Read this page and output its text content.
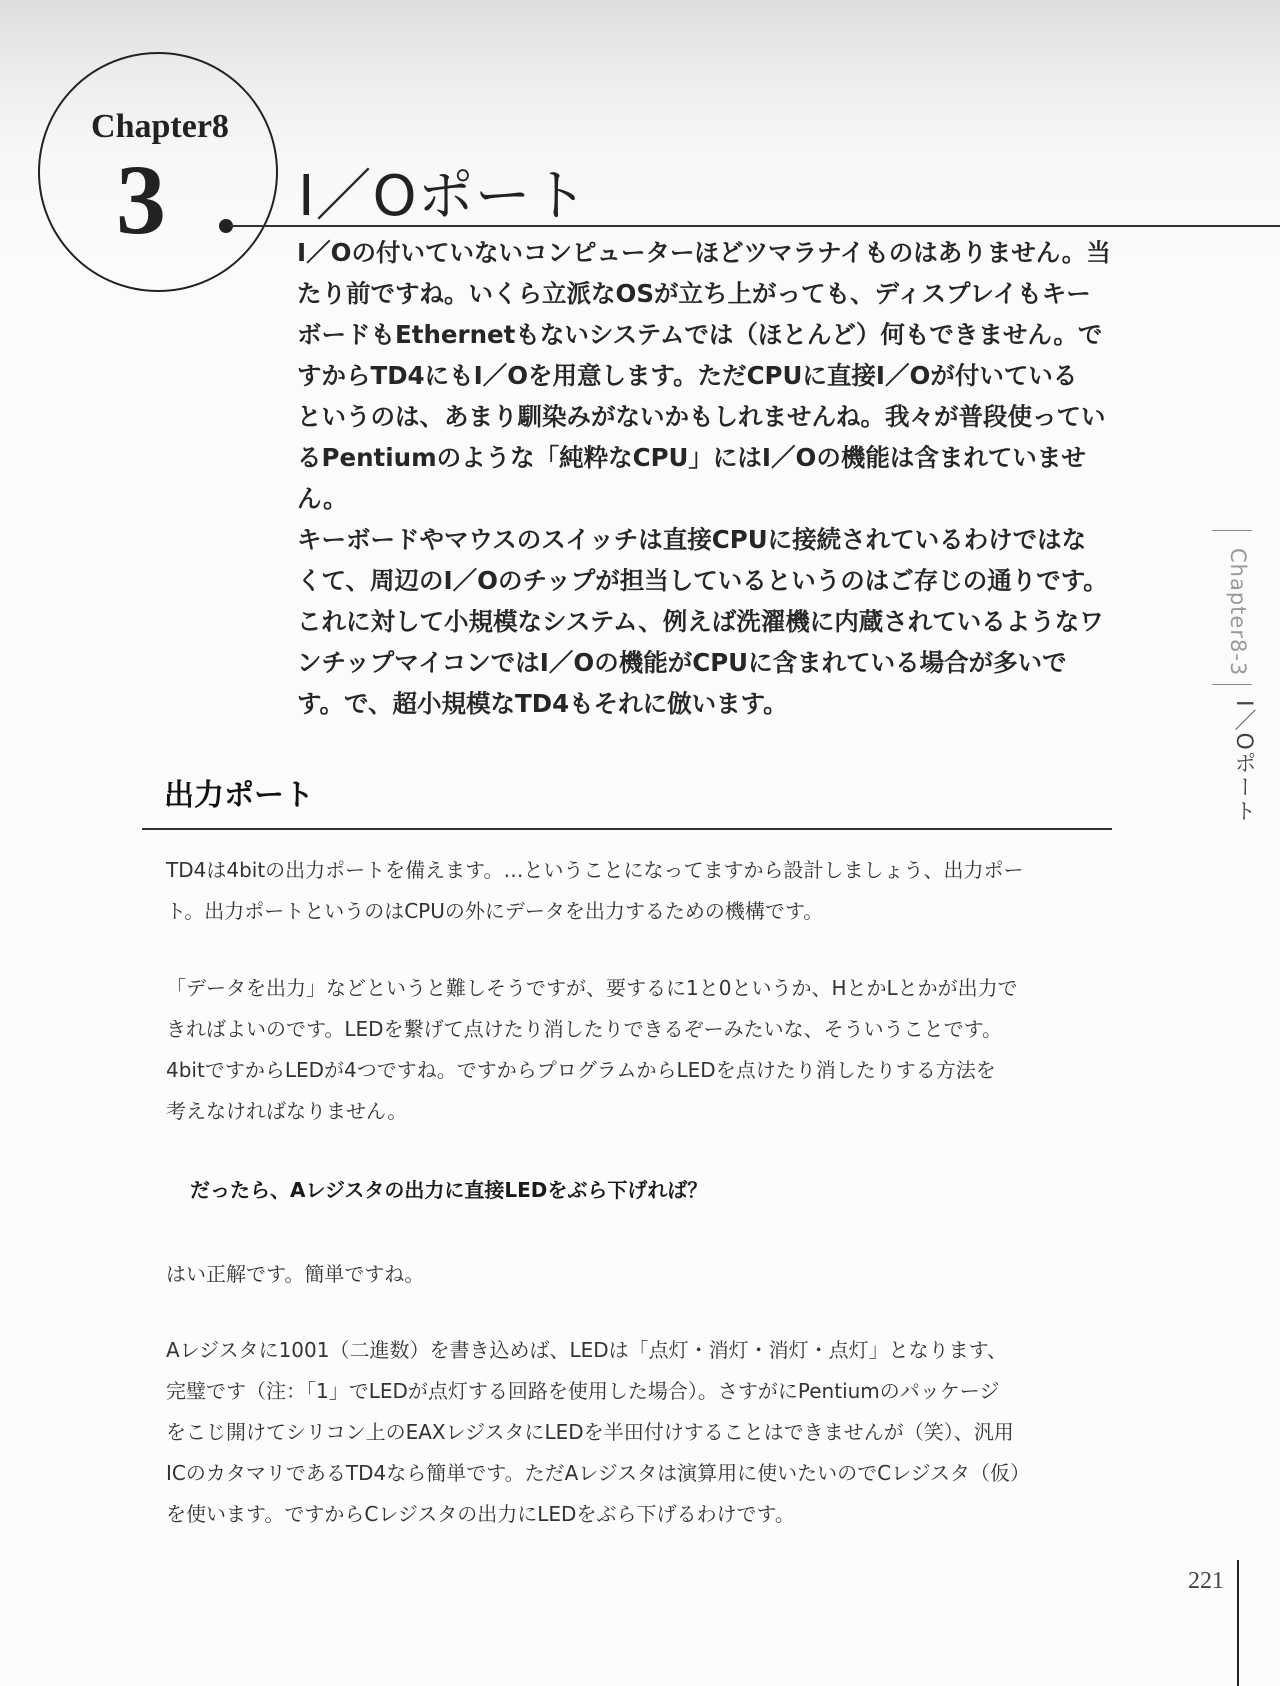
Chapter8
3 I／Oポート

I／Oの付いていないコンピューターほどツマラナイものはありません。当

たり前ですね。いくら立派なOSが立ち上がっても、ディスプレイもキー

ボードもEthernetもないシステムでは（ほとんど）何もできません。で

すからTD4にもI／Oを用意します。ただCPUに直接I／Oが付いている

というのは、あまり馴染みがないかもしれませんね。我々が普段使ってい

るPentiumのような「純粋なCPU」にはI／Oの機能は含まれていません。

キーボードやマウスのスイッチは直接CPUに接続されているわけではな

くて、周辺のI／Oのチップが担当しているというのはご存じの通りです。

これに対して小規模なシステム、例えば洗濯機に内蔵されているようなワ

ンチップマイコンではI／Oの機能がCPUに含まれている場合が多いで

す。で、超小規模なTD4もそれに倣います。

Chapter8-3
I／Oポート
出力ポート
TD4は4bitの出力ポートを備えます。…ということになってますから設計しましょう、出力ポー
ト。出力ポートというのはCPUの外にデータを出力するための機構です。
「データを出力」などというと難しそうですが、要するに1と0というか、HとかLとかが出力で
きればよいのです。LEDを繋げて点けたり消したりできるぞーみたいな、そういうことです。
4bitですからLEDが4つですね。ですからプログラムからLEDを点けたり消したりする方法を
考えなければなりません。
だったら、Aレジスタの出力に直接LEDをぶら下げれば？
はい正解です。簡単ですね。
Aレジスタに1001（二進数）を書き込めば、LEDは「点灯・消灯・消灯・点灯」となります、
完璧です（注：「1」でLEDが点灯する回路を使用した場合）。さすがにPentiumのパッケージ
をこじ開けてシリコン上のEAXレジスタにLEDを半田付けすることはできませんが（笑）、汎用
ICのカタマリであるTD4なら簡単です。ただAレジスタは演算用に使いたいのでCレジスタ（仮）
を使います。ですからCレジスタの出力にLEDをぶら下げるわけです。
221
